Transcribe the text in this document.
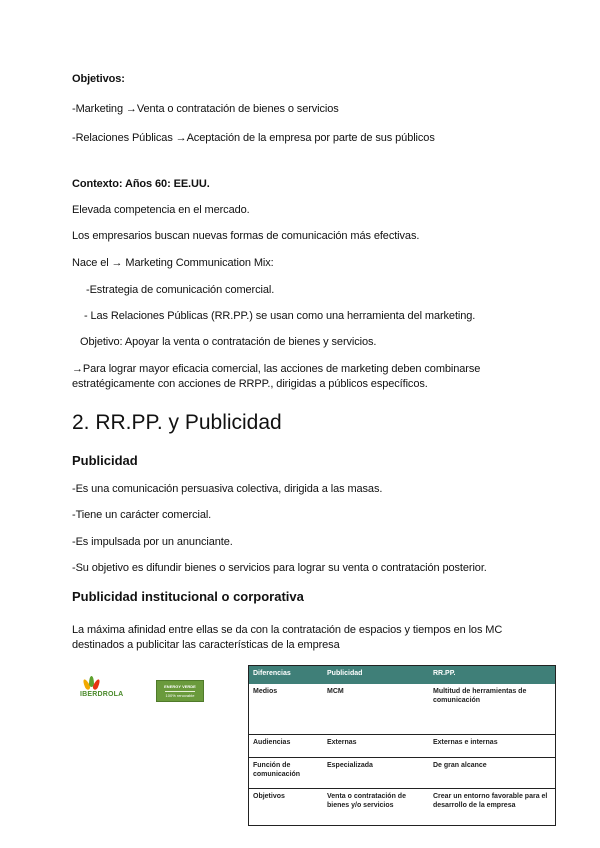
Objetivos:
-Marketing →Venta o contratación de bienes o servicios
-Relaciones Públicas →Aceptación de la empresa por parte de sus públicos
Contexto: Años 60: EE.UU.
Elevada competencia en el mercado.
Los empresarios buscan nuevas formas de comunicación más efectivas.
Nace el → Marketing Communication Mix:
-Estrategia de comunicación comercial.
- Las Relaciones Públicas (RR.PP.) se usan como una herramienta del marketing.
Objetivo: Apoyar la venta o contratación de bienes y servicios.
→Para lograr mayor eficacia comercial, las acciones de marketing deben combinarse
estratégicamente con acciones de RRPP., dirigidas a públicos específicos.
2. RR.PP. y Publicidad
Publicidad
-Es una comunicación persuasiva colectiva, dirigida a las masas.
-Tiene un carácter comercial.
-Es impulsada por un anunciante.
-Su objetivo es difundir bienes o servicios para lograr su venta o contratación posterior.
Publicidad institucional o corporativa
La máxima afinidad entre ellas se da con la contratación de espacios y tiempos en los MC
destinados a publicitar las características de la empresa
IBERDROLA
ENERGY VERDE
100% renovable
Diferencias	Publicidad	RR.PP.
Medios	MCM	Multitud de herramientas de comunicación
Audiencias	Externas	Externas e internas
Función de comunicación	Especializada	De gran alcance
Objetivos	Venta o contratación de bienes y/o servicios	Crear un entorno favorable para el desarrollo de la empresa
